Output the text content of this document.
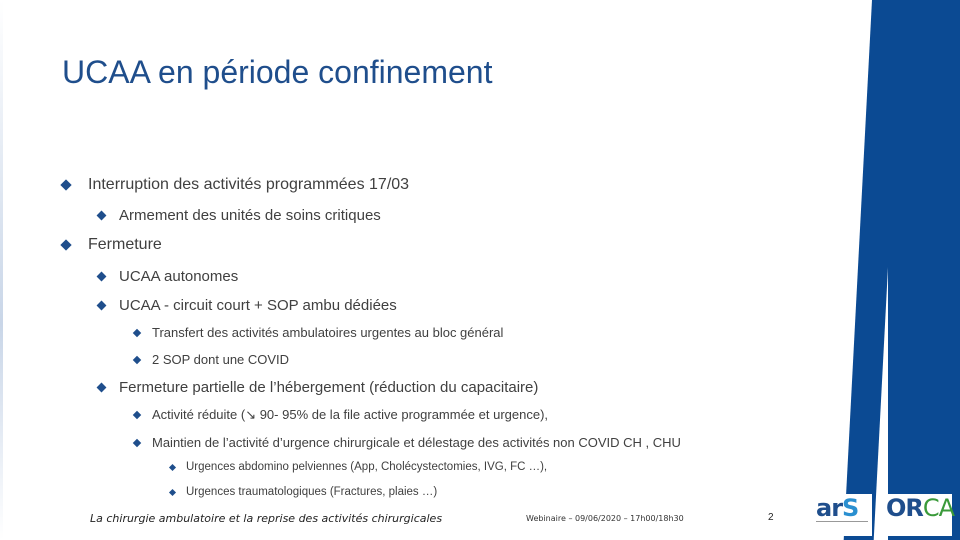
UCAA en période confinement
Interruption des activités programmées 17/03
Armement des unités de soins critiques
Fermeture
UCAA autonomes
UCAA - circuit court + SOP ambu dédiées
Transfert des activités ambulatoires urgentes au bloc général
2 SOP dont une COVID
Fermeture partielle de l’hébergement (réduction du capacitaire)
Activité réduite (↘ 90- 95% de la file active programmée et urgence),
Maintien de l’activité d’urgence chirurgicale et délestage des activités non COVID CH , CHU
Urgences abdomino pelviennes (App, Cholécystectomies, IVG, FC …),
Urgences traumatologiques (Fractures, plaies …)
La chirurgie ambulatoire et la reprise des activités chirurgicales	Webinaire – 09/06/2020 – 17h00/18h30	2 arS ORCA
